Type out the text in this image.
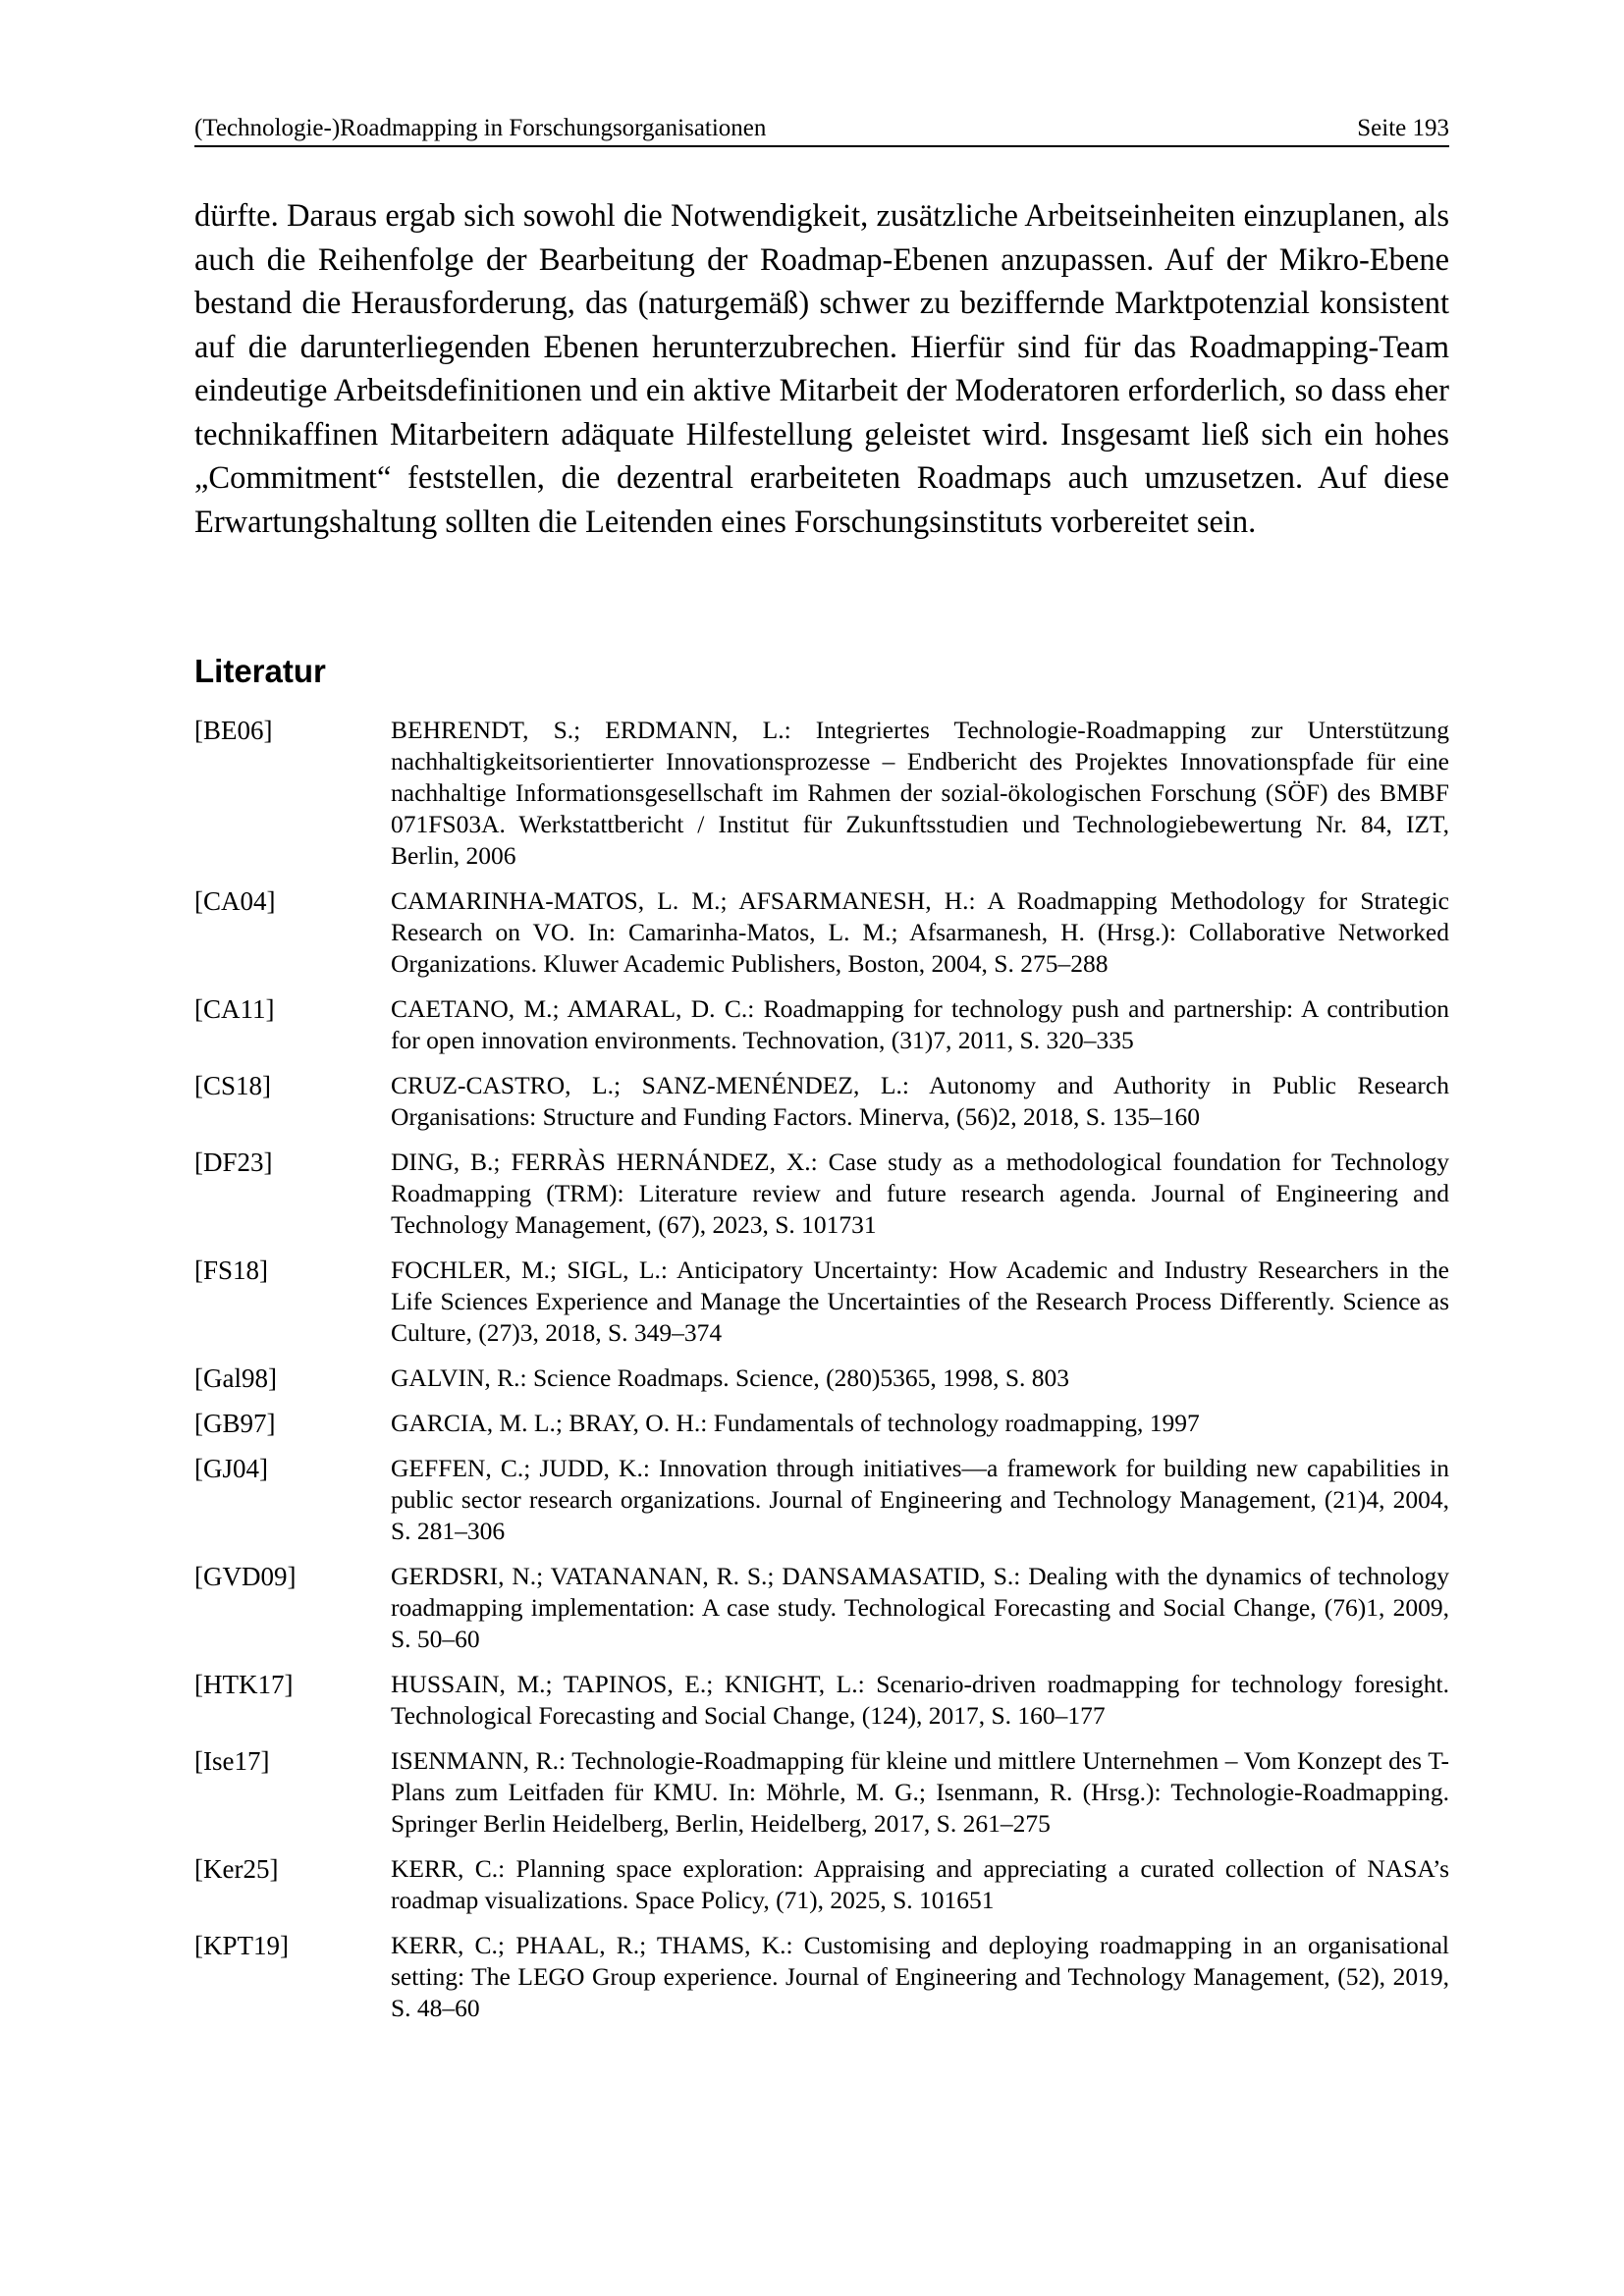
(Technologie-)Roadmapping in Forschungsorganisationen	Seite 193

dürfte. Daraus ergab sich sowohl die Notwendigkeit, zusätzliche Arbeitseinheiten einzuplanen, als auch die Reihenfolge der Bearbeitung der Roadmap-Ebenen anzupassen. Auf der Mikro-Ebene bestand die Herausforderung, das (naturgemäß) schwer zu beziffernde Marktpotenzial konsistent auf die darunterliegenden Ebenen herunterzubrechen. Hierfür sind für das Roadmapping-Team eindeutige Arbeitsdefinitionen und ein aktive Mitarbeit der Moderatoren erforderlich, so dass eher technikaffinen Mitarbeitern adäquate Hilfestellung geleistet wird. Insgesamt ließ sich ein hohes „Commitment“ feststellen, die dezentral erarbeiteten Roadmaps auch umzusetzen. Auf diese Erwartungshaltung sollten die Leitenden eines Forschungsinstituts vorbereitet sein.

Literatur
[BE06]	BEHRENDT, S.; ERDMANN, L.: Integriertes Technologie-Roadmapping zur Unterstützung nachhaltigkeitsorientierter Innovationsprozesse – Endbericht des Projektes Innovationspfade für eine nachhaltige Informationsgesellschaft im Rahmen der sozial-ökologischen Forschung (SÖF) des BMBF 071FS03A. Werkstattbericht / Institut für Zukunftsstudien und Technologiebewertung Nr. 84, IZT, Berlin, 2006
[CA04]	CAMARINHA-MATOS, L. M.; AFSARMANESH, H.: A Roadmapping Methodology for Strategic Research on VO. In: Camarinha-Matos, L. M.; Afsarmanesh, H. (Hrsg.): Collaborative Networked Organizations. Kluwer Academic Publishers, Boston, 2004, S. 275–288
[CA11]	CAETANO, M.; AMARAL, D. C.: Roadmapping for technology push and partnership: A contribution for open innovation environments. Technovation, (31)7, 2011, S. 320–335
[CS18]	CRUZ-CASTRO, L.; SANZ-MENÉNDEZ, L.: Autonomy and Authority in Public Research Organisations: Structure and Funding Factors. Minerva, (56)2, 2018, S. 135–160
[DF23]	DING, B.; FERRÀS HERNÁNDEZ, X.: Case study as a methodological foundation for Technology Roadmapping (TRM): Literature review and future research agenda. Journal of Engineering and Technology Management, (67), 2023, S. 101731
[FS18]	FOCHLER, M.; SIGL, L.: Anticipatory Uncertainty: How Academic and Industry Researchers in the Life Sciences Experience and Manage the Uncertainties of the Research Process Differently. Science as Culture, (27)3, 2018, S. 349–374
[Gal98]	GALVIN, R.: Science Roadmaps. Science, (280)5365, 1998, S. 803
[GB97]	GARCIA, M. L.; BRAY, O. H.: Fundamentals of technology roadmapping, 1997
[GJ04]	GEFFEN, C.; JUDD, K.: Innovation through initiatives—a framework for building new capabilities in public sector research organizations. Journal of Engineering and Technology Management, (21)4, 2004, S. 281–306
[GVD09]	GERDSRI, N.; VATANANAN, R. S.; DANSAMASATID, S.: Dealing with the dynamics of technology roadmapping implementation: A case study. Technological Forecasting and Social Change, (76)1, 2009, S. 50–60
[HTK17]	HUSSAIN, M.; TAPINOS, E.; KNIGHT, L.: Scenario-driven roadmapping for technology foresight. Technological Forecasting and Social Change, (124), 2017, S. 160–177
[Ise17]	ISENMANN, R.: Technologie-Roadmapping für kleine und mittlere Unternehmen – Vom Konzept des T-Plans zum Leitfaden für KMU. In: Möhrle, M. G.; Isenmann, R. (Hrsg.): Technologie-Roadmapping. Springer Berlin Heidelberg, Berlin, Heidelberg, 2017, S. 261–275
[Ker25]	KERR, C.: Planning space exploration: Appraising and appreciating a curated collection of NASA’s roadmap visualizations. Space Policy, (71), 2025, S. 101651
[KPT19]	KERR, C.; PHAAL, R.; THAMS, K.: Customising and deploying roadmapping in an organisational setting: The LEGO Group experience. Journal of Engineering and Technology Management, (52), 2019, S. 48–60
